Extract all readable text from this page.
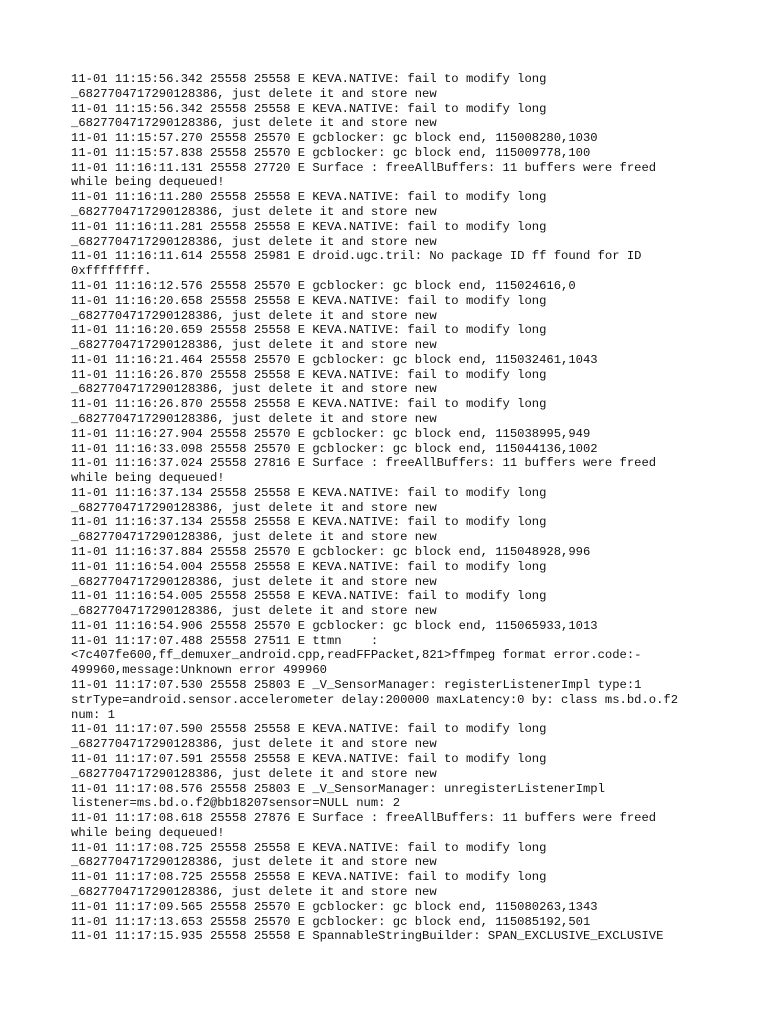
11-01 11:15:56.342 25558 25558 E KEVA.NATIVE: fail to modify long
_6827704717290128386, just delete it and store new
11-01 11:15:56.342 25558 25558 E KEVA.NATIVE: fail to modify long
_6827704717290128386, just delete it and store new
11-01 11:15:57.270 25558 25570 E gcblocker: gc block end, 115008280,1030
11-01 11:15:57.838 25558 25570 E gcblocker: gc block end, 115009778,100
11-01 11:16:11.131 25558 27720 E Surface : freeAllBuffers: 11 buffers were freed
while being dequeued!
11-01 11:16:11.280 25558 25558 E KEVA.NATIVE: fail to modify long
_6827704717290128386, just delete it and store new
11-01 11:16:11.281 25558 25558 E KEVA.NATIVE: fail to modify long
_6827704717290128386, just delete it and store new
11-01 11:16:11.614 25558 25981 E droid.ugc.tril: No package ID ff found for ID
0xffffffff.
11-01 11:16:12.576 25558 25570 E gcblocker: gc block end, 115024616,0
11-01 11:16:20.658 25558 25558 E KEVA.NATIVE: fail to modify long
_6827704717290128386, just delete it and store new
11-01 11:16:20.659 25558 25558 E KEVA.NATIVE: fail to modify long
_6827704717290128386, just delete it and store new
11-01 11:16:21.464 25558 25570 E gcblocker: gc block end, 115032461,1043
11-01 11:16:26.870 25558 25558 E KEVA.NATIVE: fail to modify long
_6827704717290128386, just delete it and store new
11-01 11:16:26.870 25558 25558 E KEVA.NATIVE: fail to modify long
_6827704717290128386, just delete it and store new
11-01 11:16:27.904 25558 25570 E gcblocker: gc block end, 115038995,949
11-01 11:16:33.098 25558 25570 E gcblocker: gc block end, 115044136,1002
11-01 11:16:37.024 25558 27816 E Surface : freeAllBuffers: 11 buffers were freed
while being dequeued!
11-01 11:16:37.134 25558 25558 E KEVA.NATIVE: fail to modify long
_6827704717290128386, just delete it and store new
11-01 11:16:37.134 25558 25558 E KEVA.NATIVE: fail to modify long
_6827704717290128386, just delete it and store new
11-01 11:16:37.884 25558 25570 E gcblocker: gc block end, 115048928,996
11-01 11:16:54.004 25558 25558 E KEVA.NATIVE: fail to modify long
_6827704717290128386, just delete it and store new
11-01 11:16:54.005 25558 25558 E KEVA.NATIVE: fail to modify long
_6827704717290128386, just delete it and store new
11-01 11:16:54.906 25558 25570 E gcblocker: gc block end, 115065933,1013
11-01 11:17:07.488 25558 27511 E ttmn    :
<7c407fe600,ff_demuxer_android.cpp,readFFPacket,821>ffmpeg format error.code:-
499960,message:Unknown error 499960
11-01 11:17:07.530 25558 25803 E _V_SensorManager: registerListenerImpl type:1
strType=android.sensor.accelerometer delay:200000 maxLatency:0 by: class ms.bd.o.f2
num: 1
11-01 11:17:07.590 25558 25558 E KEVA.NATIVE: fail to modify long
_6827704717290128386, just delete it and store new
11-01 11:17:07.591 25558 25558 E KEVA.NATIVE: fail to modify long
_6827704717290128386, just delete it and store new
11-01 11:17:08.576 25558 25803 E _V_SensorManager: unregisterListenerImpl
listener=ms.bd.o.f2@bb18207sensor=NULL num: 2
11-01 11:17:08.618 25558 27876 E Surface : freeAllBuffers: 11 buffers were freed
while being dequeued!
11-01 11:17:08.725 25558 25558 E KEVA.NATIVE: fail to modify long
_6827704717290128386, just delete it and store new
11-01 11:17:08.725 25558 25558 E KEVA.NATIVE: fail to modify long
_6827704717290128386, just delete it and store new
11-01 11:17:09.565 25558 25570 E gcblocker: gc block end, 115080263,1343
11-01 11:17:13.653 25558 25570 E gcblocker: gc block end, 115085192,501
11-01 11:17:15.935 25558 25558 E SpannableStringBuilder: SPAN_EXCLUSIVE_EXCLUSIVE
